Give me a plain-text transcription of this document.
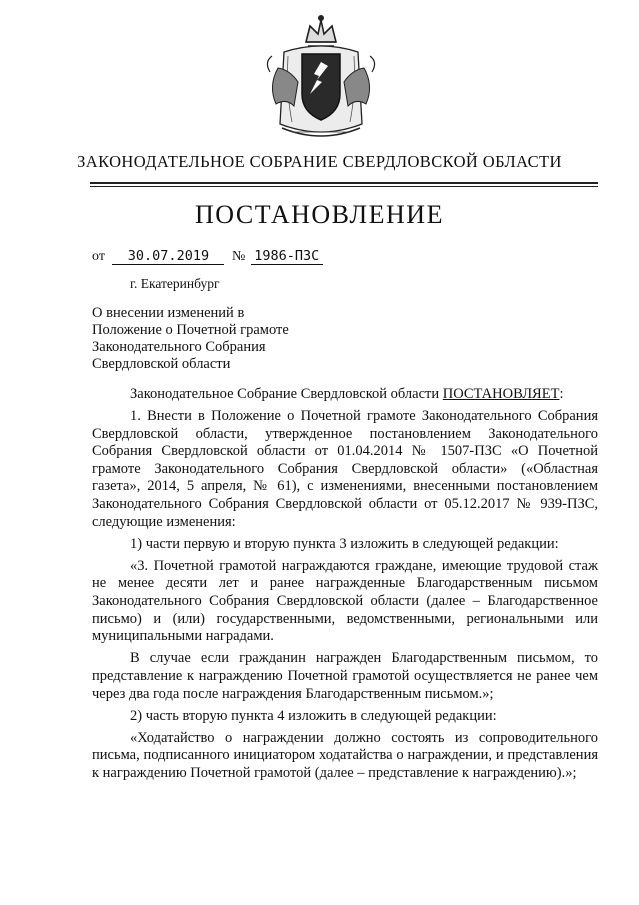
ЗАКОНОДАТЕЛЬНОЕ СОБРАНИЕ СВЕРДЛОВСКОЙ ОБЛАСТИ
ПОСТАНОВЛЕНИЕ
от 30.07.2019 № 1986-ПЗС
г. Екатеринбург
О внесении изменений в
Положение о Почетной грамоте
Законодательного Собрания
Свердловской области

Законодательное Собрание Свердловской области ПОСТАНОВЛЯЕТ:

1. Внести в Положение о Почетной грамоте Законодательного Собрания Свердловской области, утвержденное постановлением Законодательного Собрания Свердловской области от 01.04.2014 № 1507-ПЗС «О Почетной грамоте Законодательного Собрания Свердловской области» («Областная газета», 2014, 5 апреля, № 61), с изменениями, внесенными постановлением Законодательного Собрания Свердловской области от 05.12.2017 № 939-ПЗС, следующие изменения:

1) части первую и вторую пункта 3 изложить в следующей редакции:

«3. Почетной грамотой награждаются граждане, имеющие трудовой стаж не менее десяти лет и ранее награжденные Благодарственным письмом Законодательного Собрания Свердловской области (далее – Благодарственное письмо) и (или) государственными, ведомственными, региональными или муниципальными наградами.

В случае если гражданин награжден Благодарственным письмом, то представление к награждению Почетной грамотой осуществляется не ранее чем через два года после награждения Благодарственным письмом.»;

2) часть вторую пункта 4 изложить в следующей редакции:

«Ходатайство о награждении должно состоять из сопроводительного письма, подписанного инициатором ходатайства о награждении, и представления к награждению Почетной грамотой (далее – представление к награждению).»;
